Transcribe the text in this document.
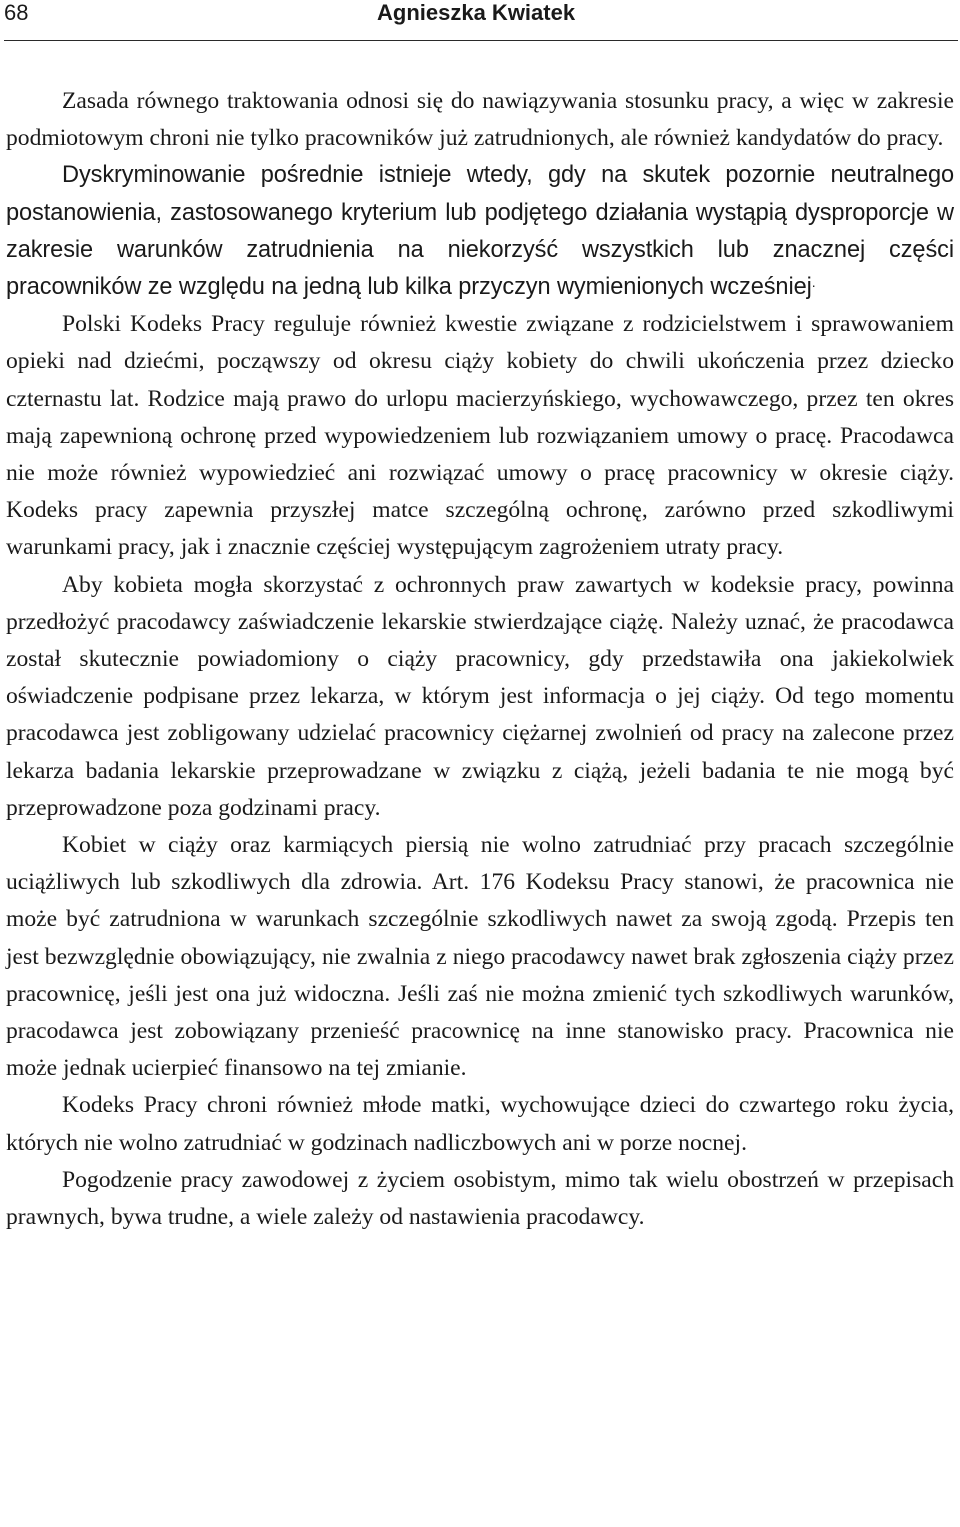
68	Agnieszka Kwiatek

Zasada równego traktowania odnosi się do nawiązywania stosunku pracy, a więc w zakresie podmiotowym chroni nie tylko pracowników już zatrudnionych, ale również kandydatów do pracy.

Dyskryminowanie pośrednie istnieje wtedy, gdy na skutek pozornie neutralnego postanowienia, zastosowanego kryterium lub podjętego działania wystąpią dysproporcje w zakresie warunków zatrudnienia na niekorzyść wszystkich lub znacznej części pracowników ze względu na jedną lub kilka przyczyn wymienionych wcześniej.

Polski Kodeks Pracy reguluje również kwestie związane z rodzicielstwem i sprawowaniem opieki nad dziećmi, począwszy od okresu ciąży kobiety do chwili ukończenia przez dziecko czternastu lat. Rodzice mają prawo do urlopu macierzyńskiego, wychowawczego, przez ten okres mają zapewnioną ochronę przed wypowiedzeniem lub rozwiązaniem umowy o pracę. Pracodawca nie może również wypowiedzieć ani rozwiązać umowy o pracę pracownicy w okresie ciąży. Kodeks pracy zapewnia przyszłej matce szczególną ochronę, zarówno przed szkodliwymi warunkami pracy, jak i znacznie częściej występującym zagrożeniem utraty pracy.

Aby kobieta mogła skorzystać z ochronnych praw zawartych w kodeksie pracy, powinna przedłożyć pracodawcy zaświadczenie lekarskie stwierdzające ciążę. Należy uznać, że pracodawca został skutecznie powiadomiony o ciąży pracownicy, gdy przedstawiła ona jakiekolwiek oświadczenie podpisane przez lekarza, w którym jest informacja o jej ciąży. Od tego momentu pracodawca jest zobligowany udzielać pracownicy ciężarnej zwolnień od pracy na zalecone przez lekarza badania lekarskie przeprowadzane w związku z ciążą, jeżeli badania te nie mogą być przeprowadzone poza godzinami pracy.

Kobiet w ciąży oraz karmiących piersią nie wolno zatrudniać przy pracach szczególnie uciążliwych lub szkodliwych dla zdrowia. Art. 176 Kodeksu Pracy stanowi, że pracownica nie może być zatrudniona w warunkach szczególnie szkodliwych nawet za swoją zgodą. Przepis ten jest bezwzględnie obowiązujący, nie zwalnia z niego pracodawcy nawet brak zgłoszenia ciąży przez pracownicę, jeśli jest ona już widoczna. Jeśli zaś nie można zmienić tych szkodliwych warunków, pracodawca jest zobowiązany przenieść pracownicę na inne stanowisko pracy. Pracownica nie może jednak ucierpieć finansowo na tej zmianie.

Kodeks Pracy chroni również młode matki, wychowujące dzieci do czwartego roku życia, których nie wolno zatrudniać w godzinach nadliczbowych ani w porze nocnej.

Pogodzenie pracy zawodowej z życiem osobistym, mimo tak wielu obostrzeń w przepisach prawnych, bywa trudne, a wiele zależy od nastawienia pracodawcy.
